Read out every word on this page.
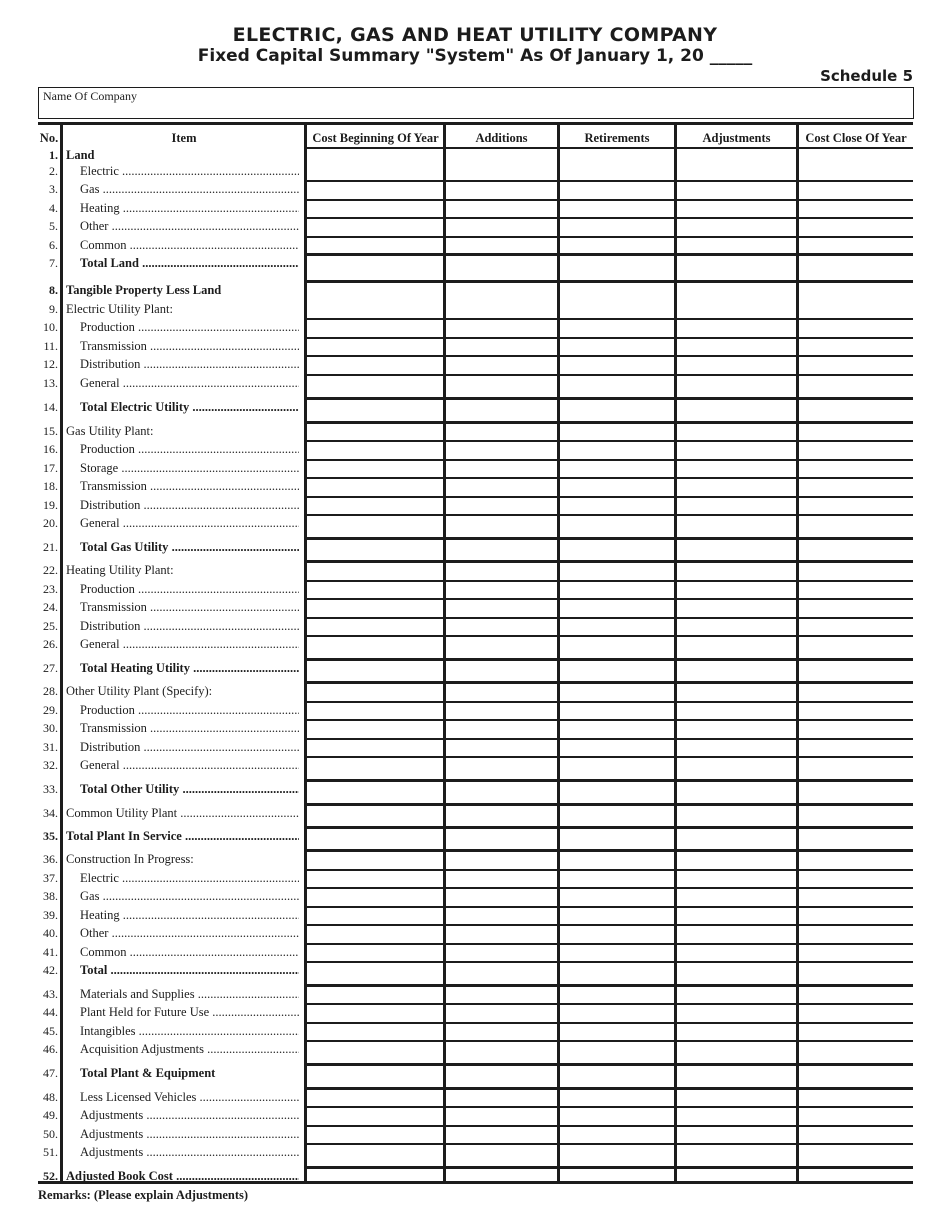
ELECTRIC, GAS AND HEAT UTILITY COMPANY
Fixed Capital Summary "System" As Of January 1, 20 _____
Schedule 5
Name Of Company
No.	Item	Cost Beginning Of Year	Additions	Retirements	Adjustments	Cost Close Of Year
1. Land
2. Electric .....
3. Gas .....
4. Heating .....
5. Other .....
6. Common .....
7. Total Land .....
8. Tangible Property Less Land
9. Electric Utility Plant:
10. Production .....
11. Transmission .....
12. Distribution .....
13. General .....
14. Total Electric Utility .....
15. Gas Utility Plant:
16. Production .....
17. Storage .....
18. Transmission .....
19. Distribution .....
20. General .....
21. Total Gas Utility .....
22. Heating Utility Plant:
23. Production .....
24. Transmission .....
25. Distribution .....
26. General .....
27. Total Heating Utility .....
28. Other Utility Plant (Specify):
29. Production .....
30. Transmission .....
31. Distribution .....
32. General .....
33. Total Other Utility .....
34. Common Utility Plant .....
35. Total Plant In Service .....
36. Construction In Progress:
37. Electric .....
38. Gas .....
39. Heating .....
40. Other .....
41. Common .....
42. Total .....
43. Materials and Supplies .....
44. Plant Held for Future Use .....
45. Intangibles .....
46. Acquisition Adjustments .....
47. Total Plant & Equipment
48. Less Licensed Vehicles .....
49. Adjustments .....
50. Adjustments .....
51. Adjustments .....
52. Adjusted Book Cost .....
Remarks: (Please explain Adjustments)
